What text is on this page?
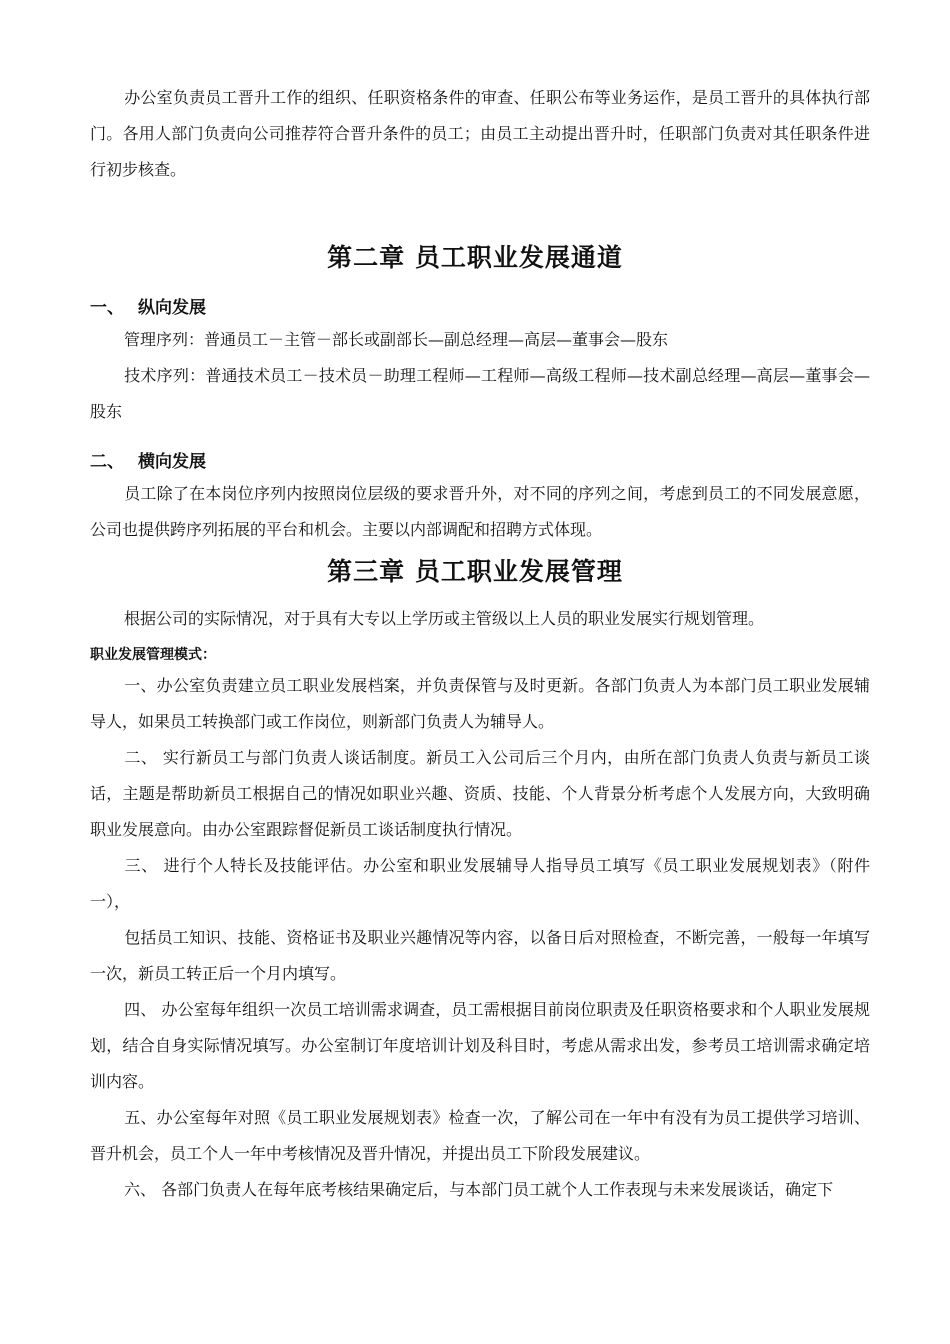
办公室负责员工晋升工作的组织、任职资格条件的审查、任职公布等业务运作，是员工晋升的具体执行部门。各用人部门负责向公司推荐符合晋升条件的员工；由员工主动提出晋升时，任职部门负责对其任职条件进行初步核查。

第二章 员工职业发展通道
一、 纵向发展

管理序列：普通员工－主管－部长或副部长—副总经理—高层—董事会—股东

技术序列：普通技术员工－技术员－助理工程师—工程师—高级工程师—技术副总经理—高层—董事会—股东

二、 横向发展

员工除了在本岗位序列内按照岗位层级的要求晋升外，对不同的序列之间，考虑到员工的不同发展意愿，公司也提供跨序列拓展的平台和机会。主要以内部调配和招聘方式体现。

第三章 员工职业发展管理

根据公司的实际情况，对于具有大专以上学历或主管级以上人员的职业发展实行规划管理。

职业发展管理模式：

一、办公室负责建立员工职业发展档案，并负责保管与及时更新。各部门负责人为本部门员工职业发展辅导人，如果员工转换部门或工作岗位，则新部门负责人为辅导人。

二、 实行新员工与部门负责人谈话制度。新员工入公司后三个月内，由所在部门负责人负责与新员工谈话，主题是帮助新员工根据自己的情况如职业兴趣、资质、技能、个人背景分析考虑个人发展方向，大致明确职业发展意向。由办公室跟踪督促新员工谈话制度执行情况。

三、 进行个人特长及技能评估。办公室和职业发展辅导人指导员工填写《员工职业发展规划表》（附件一），

包括员工知识、技能、资格证书及职业兴趣情况等内容，以备日后对照检查，不断完善，一般每一年填写一次，新员工转正后一个月内填写。

四、 办公室每年组织一次员工培训需求调查，员工需根据目前岗位职责及任职资格要求和个人职业发展规划，结合自身实际情况填写。办公室制订年度培训计划及科目时，考虑从需求出发，参考员工培训需求确定培训内容。

五、办公室每年对照《员工职业发展规划表》检查一次，了解公司在一年中有没有为员工提供学习培训、晋升机会，员工个人一年中考核情况及晋升情况，并提出员工下阶段发展建议。

六、 各部门负责人在每年底考核结果确定后，与本部门员工就个人工作表现与未来发展谈话，确定下
